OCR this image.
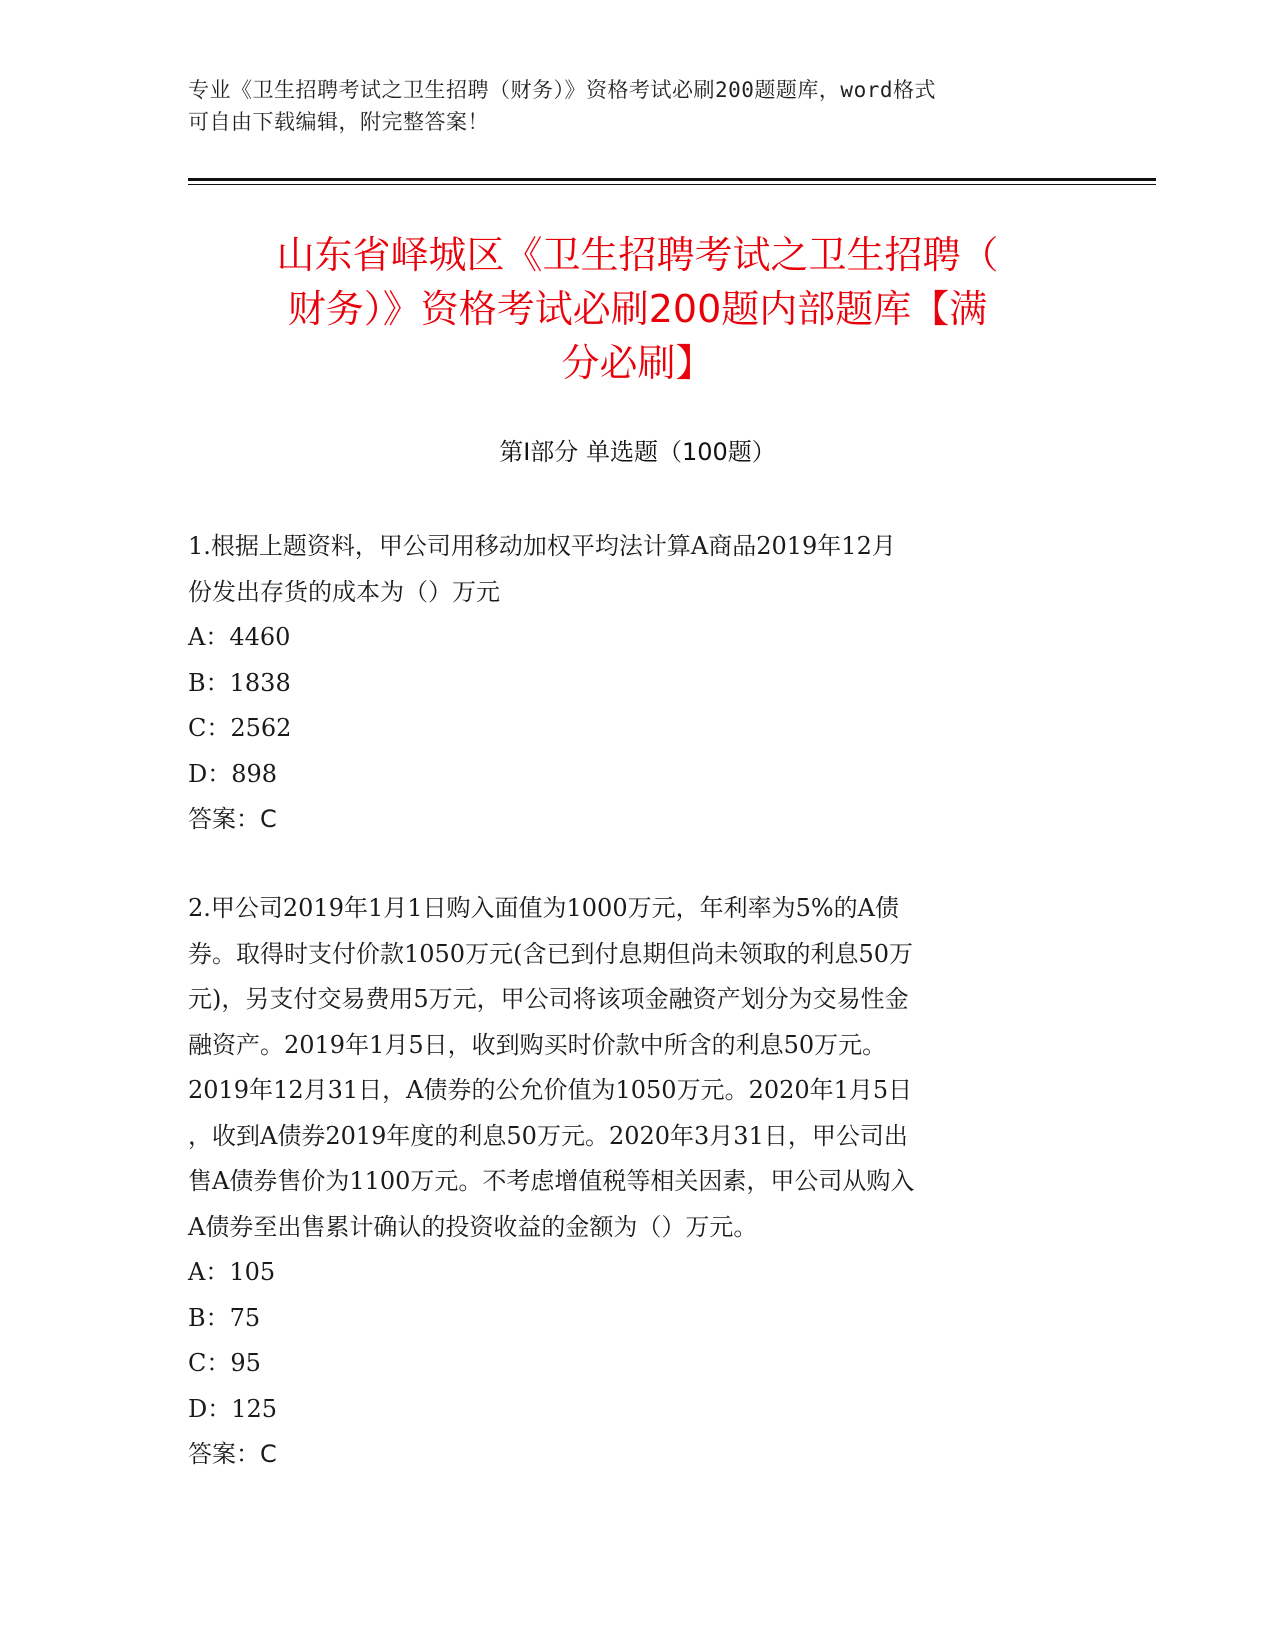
专业《卫生招聘考试之卫生招聘（财务）》资格考试必刷200题题库，word格式
可自由下载编辑，附完整答案！
山东省峄城区《卫生招聘考试之卫生招聘（
财务）》资格考试必刷200题内部题库【满
分必刷】
第Ⅰ部分 单选题（100题）
1.根据上题资料，甲公司用移动加权平均法计算A商品2019年12月
份发出存货的成本为（）万元
A：4460
B：1838
C：2562
D：898
答案：C
2.甲公司2019年1月1日购入面值为1000万元，年利率为5%的A债
券。取得时支付价款1050万元(含已到付息期但尚未领取的利息50万
元)，另支付交易费用5万元，甲公司将该项金融资产划分为交易性金
融资产。2019年1月5日，收到购买时价款中所含的利息50万元。
2019年12月31日，A债券的公允价值为1050万元。2020年1月5日
，收到A债券2019年度的利息50万元。2020年3月31日，甲公司出
售A债券售价为1100万元。不考虑增值税等相关因素，甲公司从购入
A债券至出售累计确认的投资收益的金额为（）万元。
A：105
B：75
C：95
D：125
答案：C
